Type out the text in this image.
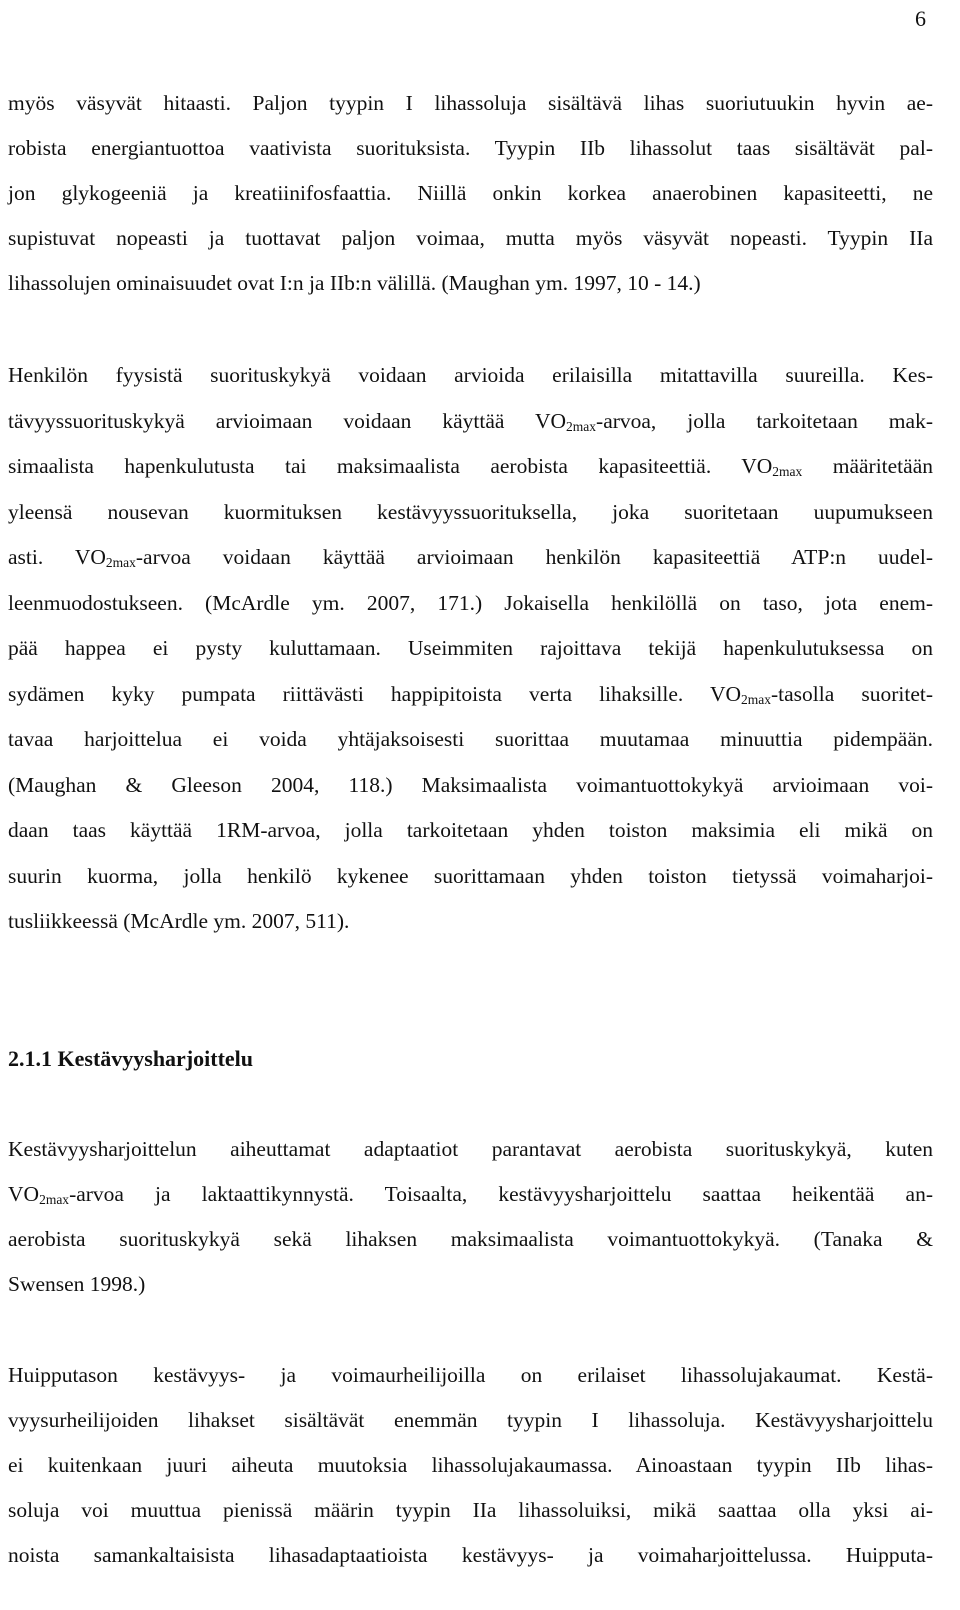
6
myös väsyvät hitaasti. Paljon tyypin I lihassoluja sisältävä lihas suoriutuukin hyvin ae-
robista energiantuottoa vaativista suorituksista. Tyypin IIb lihassolut taas sisältävät pal-
jon glykogeeniä ja kreatiinifosfaattia. Niillä onkin korkea anaerobinen kapasiteetti, ne
supistuvat nopeasti ja tuottavat paljon voimaa, mutta myös väsyvät nopeasti. Tyypin IIa
lihassolujen ominaisuudet ovat I:n ja IIb:n välillä. (Maughan ym. 1997, 10 - 14.)
Henkilön fyysistä suorituskykyä voidaan arvioida erilaisilla mitattavilla suureilla. Kes-
tävyyssuorituskykyä arvioimaan voidaan käyttää $VO_{2max}$-arvoa, jolla tarkoitetaan mak-
simaalista hapenkulutusta tai maksimaalista aerobista kapasiteettiä. $VO_{2max}$ määritetään
yleensä nousevan kuormituksen kestävyyssuorituksella, joka suoritetaan uupumukseen
asti. $VO_{2max}$-arvoa voidaan käyttää arvioimaan henkilön kapasiteettiä ATP:n uudel-
leenmuodostukseen. (McArdle ym. 2007, 171.) Jokaisella henkilöllä on taso, jota enem-
pää happea ei pysty kuluttamaan. Useimmiten rajoittava tekijä hapenkulutuksessa on
sydämen kyky pumpata riittävästi happipitoista verta lihaksille. $VO_{2max}$-tasolla suoritet-
tavaa harjoittelua ei voida yhtäjaksoisesti suorittaa muutamaa minuuttia pidempään.
(Maughan & Gleeson 2004, 118.) Maksimaalista voimantuottokykyä arvioimaan voi-
daan taas käyttää 1RM-arvoa, jolla tarkoitetaan yhden toiston maksimia eli mikä on
suurin kuorma, jolla henkilö kykenee suorittamaan yhden toiston tietyssä voimaharjoi-
tusliikkeessä (McArdle ym. 2007, 511).
2.1.1 Kestävyysharjoittelu
Kestävyysharjoittelun aiheuttamat adaptaatiot parantavat aerobista suorituskykyä, kuten
$VO_{2max}$-arvoa ja laktaattikynnystä. Toisaalta, kestävyysharjoittelu saattaa heikentää an-
aerobista suorituskykyä sekä lihaksen maksimaalista voimantuottokykyä. (Tanaka &
Swensen 1998.)
Huipputason kestävyys- ja voimaurheilijoilla on erilaiset lihassolujakaumat. Kestä-
vyysurheilijoiden lihakset sisältävät enemmän tyypin I lihassoluja. Kestävyysharjoittelu
ei kuitenkaan juuri aiheuta muutoksia lihassolujakaumassa. Ainoastaan tyypin IIb lihas-
soluja voi muuttua pienissä määrin tyypin IIa lihassoluiksi, mikä saattaa olla yksi ai-
noista samankaltaisista lihasadaptaatioista kestävyys- ja voimaharjoittelussa. Huipputa-
